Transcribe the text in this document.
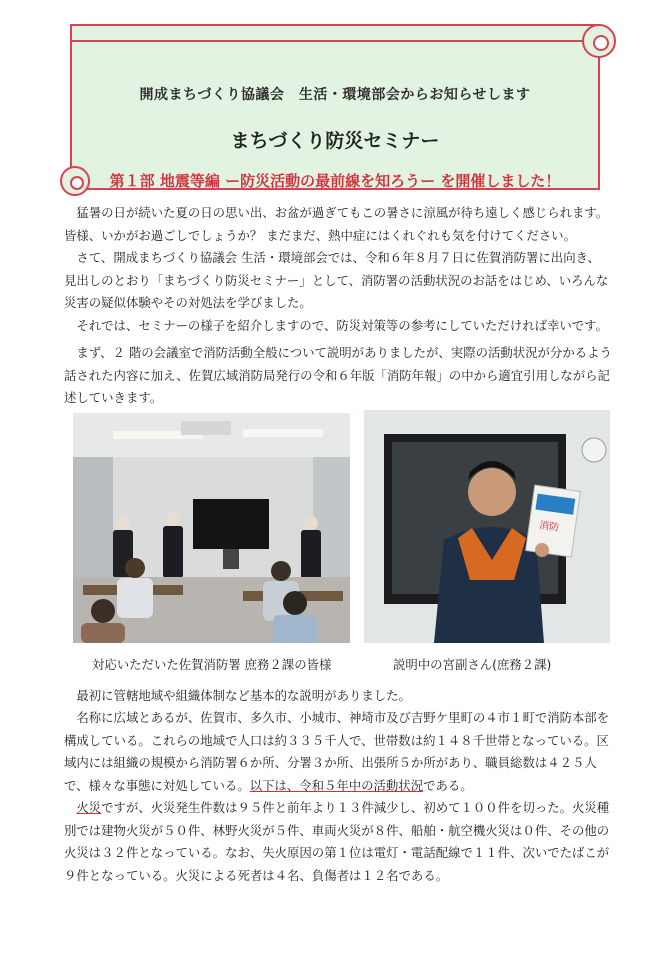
開成まちづくり協議会　生活・環境部会からお知らせします
まちづくり防災セミナー
第１部 地震等編 ー防災活動の最前線を知ろうー を開催しました！
　猛暑の日が続いた夏の日の思い出、お盆が過ぎてもこの暑さに涼風が待ち遠しく感じられます。皆様、いかがお過ごしでしょうか？ まだまだ、熱中症にはくれぐれも気を付けてください。
　さて、開成まちづくり協議会 生活・環境部会では、令和６年８月７日に佐賀消防署に出向き、見出しのとおり「まちづくり防災セミナー」として、消防署の活動状況のお話をはじめ、いろんな災害の疑似体験やその対処法を学びました。
　それでは、セミナーの様子を紹介しますので、防災対策等の参考にしていただければ幸いです。
　まず、２ 階の会議室で消防活動全般について説明がありましたが、実際の活動状況が分かるよう話された内容に加え、佐賀広域消防局発行の令和６年版「消防年報」の中から適宜引用しながら記述していきます。
消防
対応いただいた佐賀消防署 庶務２課の皆様	説明中の宮副さん(庶務２課)
　最初に管轄地域や組織体制など基本的な説明がありました。
　名称に広域とあるが、佐賀市、多久市、小城市、神埼市及び吉野ケ里町の４市１町で消防本部を構成している。これらの地域で人口は約３３５千人で、世帯数は約１４８千世帯となっている。区域内には組織の規模から消防署６か所、分署３か所、出張所５か所があり、職員総数は４２５人で、様々な事態に対処している。以下は、令和５年中の活動状況である。
　火災ですが、火災発生件数は９５件と前年より１３件減少し、初めて１００件を切った。火災種別では建物火災が５０件、林野火災が５件、車両火災が８件、船舶・航空機火災は０件、その他の火災は３２件となっている。なお、失火原因の第１位は電灯・電話配線で１１件、次いでたばこが９件となっている。火災による死者は４名、負傷者は１２名である。
